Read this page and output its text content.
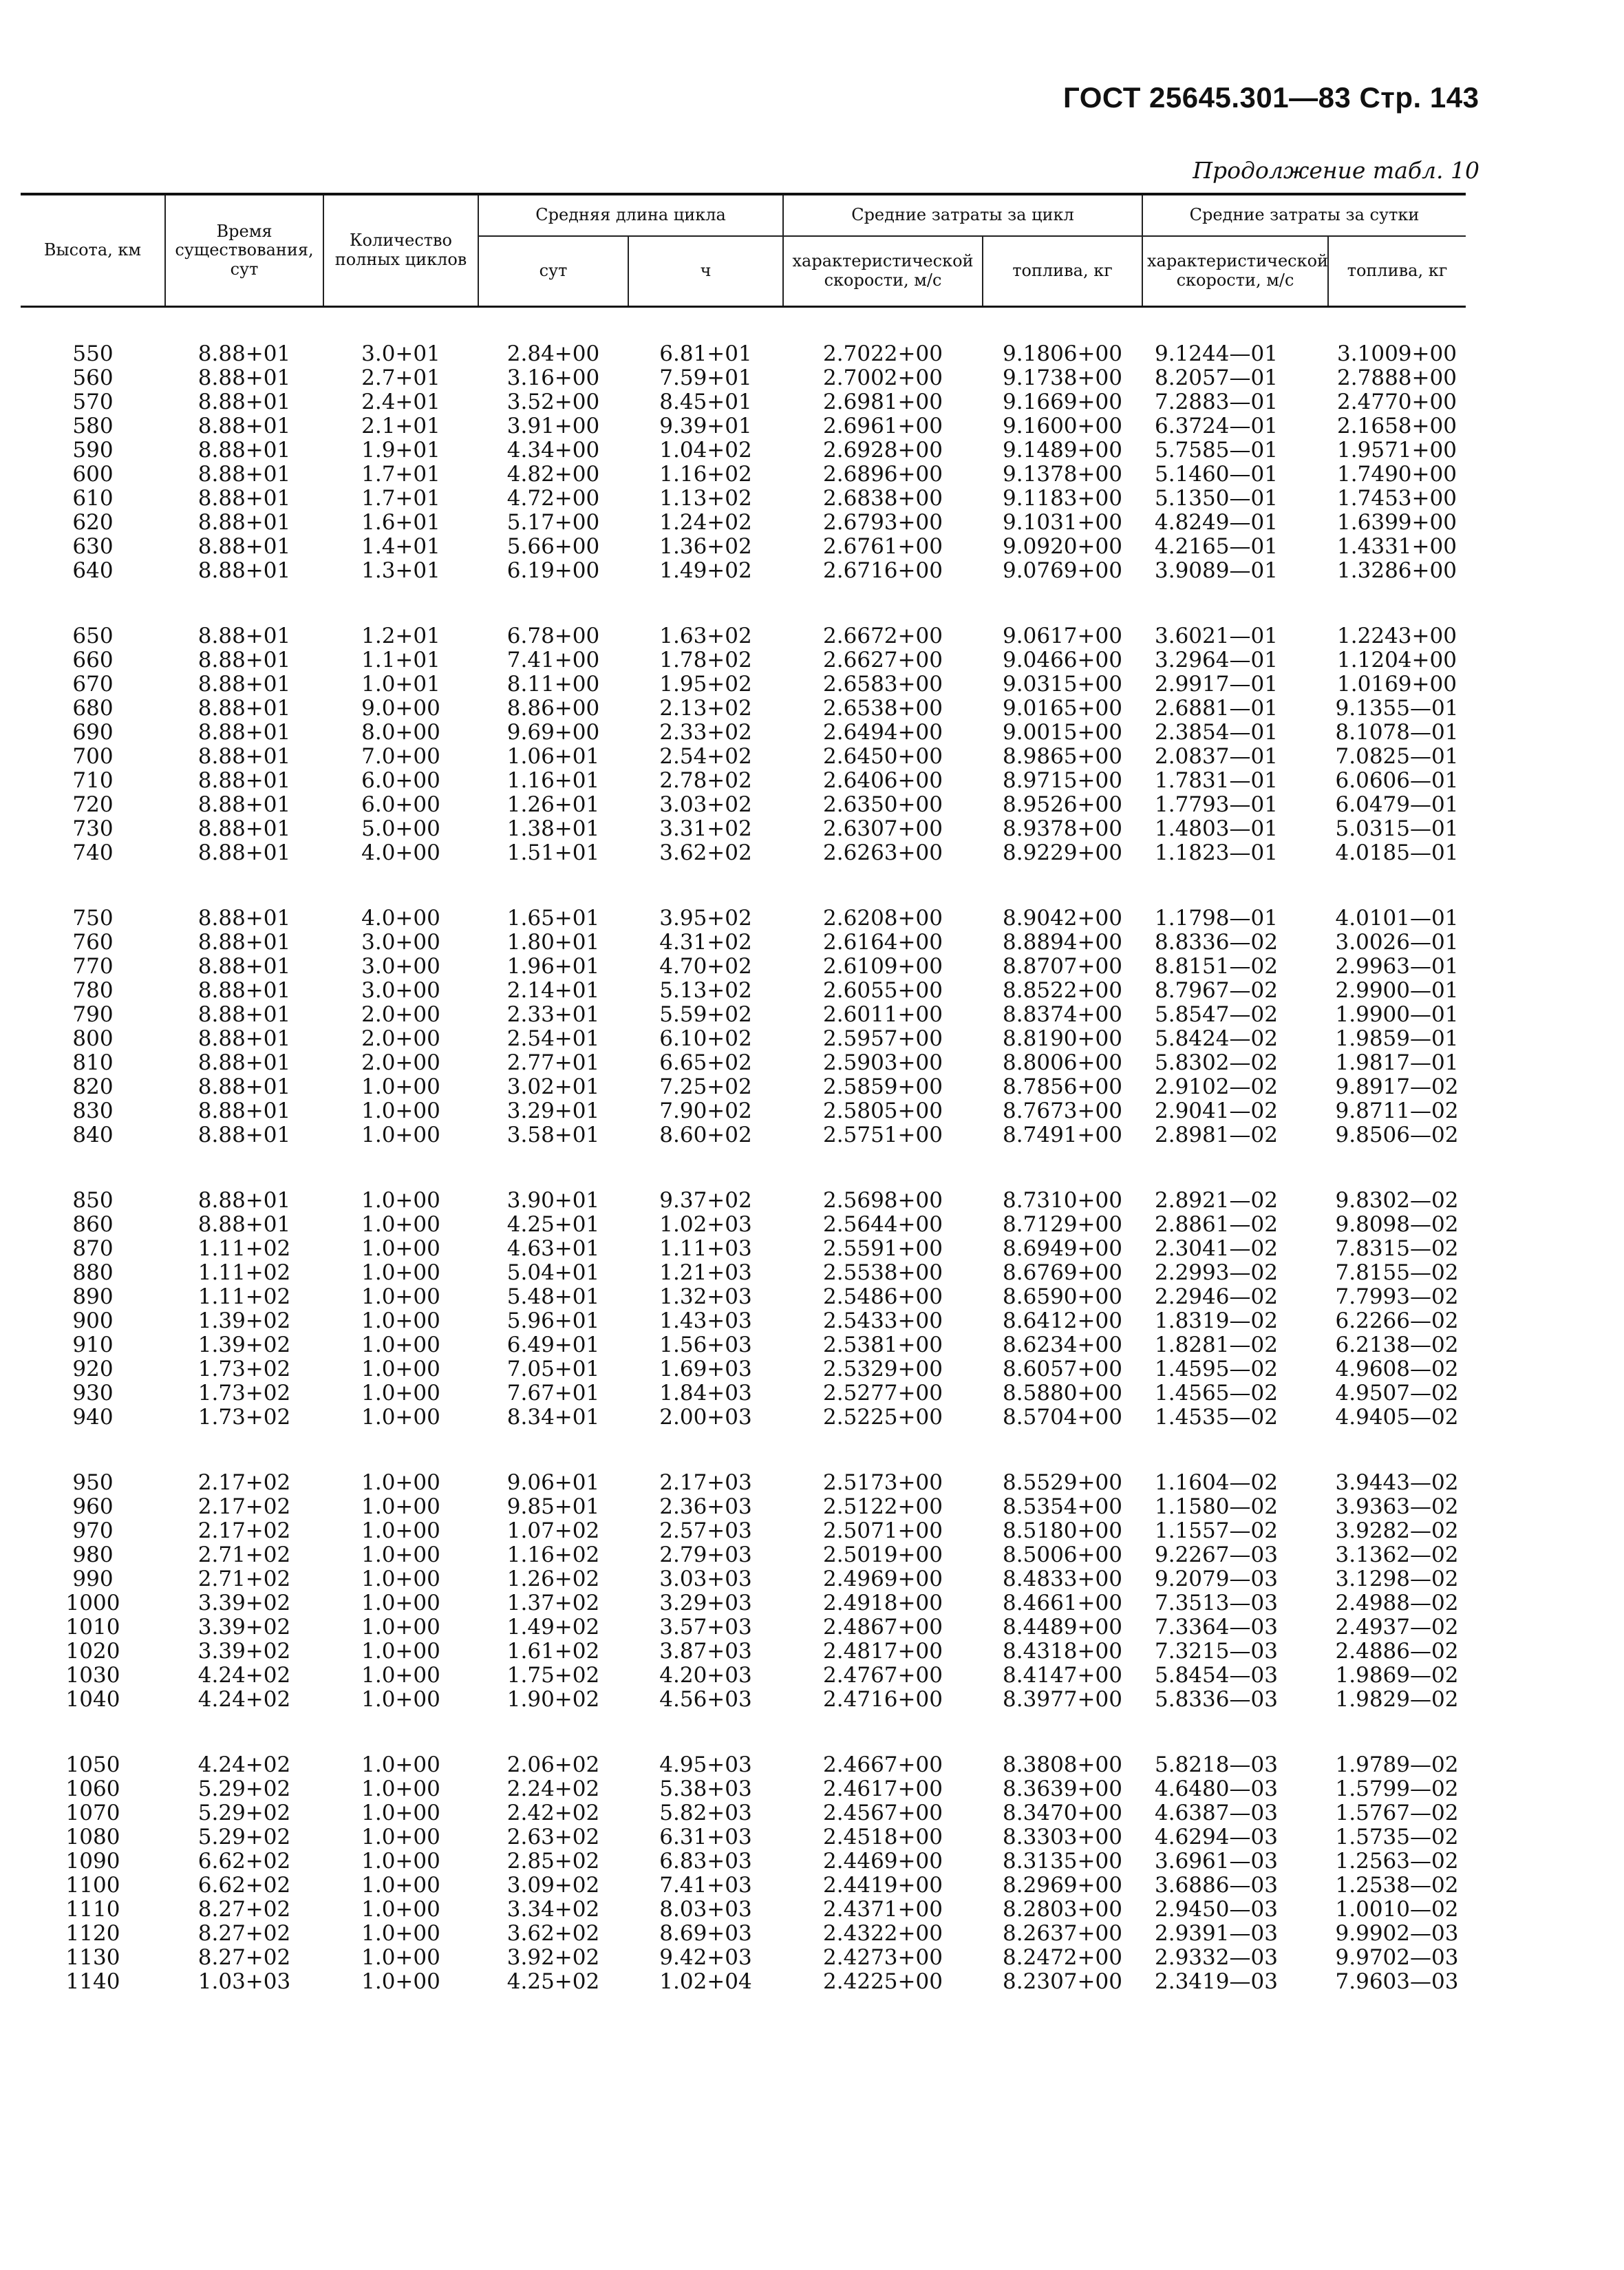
ГОСТ 25645.301—83 Стр. 143
Продолжение табл. 10
Высота, км	Время существования, сут	Количество полных циклов	Средняя длина цикла		Средние затраты за цикл		Средние затраты за сутки	
			сут	ч	характеристической скорости, м/с	топлива, кг	характеристической скорости, м/с	топлива, кг

550	8.88+01	3.0+01	2.84+00	6.81+01	2.7022+00	9.1806+00	9.1244—01	3.1009+00
560	8.88+01	2.7+01	3.16+00	7.59+01	2.7002+00	9.1738+00	8.2057—01	2.7888+00
570	8.88+01	2.4+01	3.52+00	8.45+01	2.6981+00	9.1669+00	7.2883—01	2.4770+00
580	8.88+01	2.1+01	3.91+00	9.39+01	2.6961+00	9.1600+00	6.3724—01	2.1658+00
590	8.88+01	1.9+01	4.34+00	1.04+02	2.6928+00	9.1489+00	5.7585—01	1.9571+00
600	8.88+01	1.7+01	4.82+00	1.16+02	2.6896+00	9.1378+00	5.1460—01	1.7490+00
610	8.88+01	1.7+01	4.72+00	1.13+02	2.6838+00	9.1183+00	5.1350—01	1.7453+00
620	8.88+01	1.6+01	5.17+00	1.24+02	2.6793+00	9.1031+00	4.8249—01	1.6399+00
630	8.88+01	1.4+01	5.66+00	1.36+02	2.6761+00	9.0920+00	4.2165—01	1.4331+00
640	8.88+01	1.3+01	6.19+00	1.49+02	2.6716+00	9.0769+00	3.9089—01	1.3286+00

650	8.88+01	1.2+01	6.78+00	1.63+02	2.6672+00	9.0617+00	3.6021—01	1.2243+00
660	8.88+01	1.1+01	7.41+00	1.78+02	2.6627+00	9.0466+00	3.2964—01	1.1204+00
670	8.88+01	1.0+01	8.11+00	1.95+02	2.6583+00	9.0315+00	2.9917—01	1.0169+00
680	8.88+01	9.0+00	8.86+00	2.13+02	2.6538+00	9.0165+00	2.6881—01	9.1355—01
690	8.88+01	8.0+00	9.69+00	2.33+02	2.6494+00	9.0015+00	2.3854—01	8.1078—01
700	8.88+01	7.0+00	1.06+01	2.54+02	2.6450+00	8.9865+00	2.0837—01	7.0825—01
710	8.88+01	6.0+00	1.16+01	2.78+02	2.6406+00	8.9715+00	1.7831—01	6.0606—01
720	8.88+01	6.0+00	1.26+01	3.03+02	2.6350+00	8.9526+00	1.7793—01	6.0479—01
730	8.88+01	5.0+00	1.38+01	3.31+02	2.6307+00	8.9378+00	1.4803—01	5.0315—01
740	8.88+01	4.0+00	1.51+01	3.62+02	2.6263+00	8.9229+00	1.1823—01	4.0185—01

750	8.88+01	4.0+00	1.65+01	3.95+02	2.6208+00	8.9042+00	1.1798—01	4.0101—01
760	8.88+01	3.0+00	1.80+01	4.31+02	2.6164+00	8.8894+00	8.8336—02	3.0026—01
770	8.88+01	3.0+00	1.96+01	4.70+02	2.6109+00	8.8707+00	8.8151—02	2.9963—01
780	8.88+01	3.0+00	2.14+01	5.13+02	2.6055+00	8.8522+00	8.7967—02	2.9900—01
790	8.88+01	2.0+00	2.33+01	5.59+02	2.6011+00	8.8374+00	5.8547—02	1.9900—01
800	8.88+01	2.0+00	2.54+01	6.10+02	2.5957+00	8.8190+00	5.8424—02	1.9859—01
810	8.88+01	2.0+00	2.77+01	6.65+02	2.5903+00	8.8006+00	5.8302—02	1.9817—01
820	8.88+01	1.0+00	3.02+01	7.25+02	2.5859+00	8.7856+00	2.9102—02	9.8917—02
830	8.88+01	1.0+00	3.29+01	7.90+02	2.5805+00	8.7673+00	2.9041—02	9.8711—02
840	8.88+01	1.0+00	3.58+01	8.60+02	2.5751+00	8.7491+00	2.8981—02	9.8506—02

850	8.88+01	1.0+00	3.90+01	9.37+02	2.5698+00	8.7310+00	2.8921—02	9.8302—02
860	8.88+01	1.0+00	4.25+01	1.02+03	2.5644+00	8.7129+00	2.8861—02	9.8098—02
870	1.11+02	1.0+00	4.63+01	1.11+03	2.5591+00	8.6949+00	2.3041—02	7.8315—02
880	1.11+02	1.0+00	5.04+01	1.21+03	2.5538+00	8.6769+00	2.2993—02	7.8155—02
890	1.11+02	1.0+00	5.48+01	1.32+03	2.5486+00	8.6590+00	2.2946—02	7.7993—02
900	1.39+02	1.0+00	5.96+01	1.43+03	2.5433+00	8.6412+00	1.8319—02	6.2266—02
910	1.39+02	1.0+00	6.49+01	1.56+03	2.5381+00	8.6234+00	1.8281—02	6.2138—02
920	1.73+02	1.0+00	7.05+01	1.69+03	2.5329+00	8.6057+00	1.4595—02	4.9608—02
930	1.73+02	1.0+00	7.67+01	1.84+03	2.5277+00	8.5880+00	1.4565—02	4.9507—02
940	1.73+02	1.0+00	8.34+01	2.00+03	2.5225+00	8.5704+00	1.4535—02	4.9405—02

950	2.17+02	1.0+00	9.06+01	2.17+03	2.5173+00	8.5529+00	1.1604—02	3.9443—02
960	2.17+02	1.0+00	9.85+01	2.36+03	2.5122+00	8.5354+00	1.1580—02	3.9363—02
970	2.17+02	1.0+00	1.07+02	2.57+03	2.5071+00	8.5180+00	1.1557—02	3.9282—02
980	2.71+02	1.0+00	1.16+02	2.79+03	2.5019+00	8.5006+00	9.2267—03	3.1362—02
990	2.71+02	1.0+00	1.26+02	3.03+03	2.4969+00	8.4833+00	9.2079—03	3.1298—02
1000	3.39+02	1.0+00	1.37+02	3.29+03	2.4918+00	8.4661+00	7.3513—03	2.4988—02
1010	3.39+02	1.0+00	1.49+02	3.57+03	2.4867+00	8.4489+00	7.3364—03	2.4937—02
1020	3.39+02	1.0+00	1.61+02	3.87+03	2.4817+00	8.4318+00	7.3215—03	2.4886—02
1030	4.24+02	1.0+00	1.75+02	4.20+03	2.4767+00	8.4147+00	5.8454—03	1.9869—02
1040	4.24+02	1.0+00	1.90+02	4.56+03	2.4716+00	8.3977+00	5.8336—03	1.9829—02

1050	4.24+02	1.0+00	2.06+02	4.95+03	2.4667+00	8.3808+00	5.8218—03	1.9789—02
1060	5.29+02	1.0+00	2.24+02	5.38+03	2.4617+00	8.3639+00	4.6480—03	1.5799—02
1070	5.29+02	1.0+00	2.42+02	5.82+03	2.4567+00	8.3470+00	4.6387—03	1.5767—02
1080	5.29+02	1.0+00	2.63+02	6.31+03	2.4518+00	8.3303+00	4.6294—03	1.5735—02
1090	6.62+02	1.0+00	2.85+02	6.83+03	2.4469+00	8.3135+00	3.6961—03	1.2563—02
1100	6.62+02	1.0+00	3.09+02	7.41+03	2.4419+00	8.2969+00	3.6886—03	1.2538—02
1110	8.27+02	1.0+00	3.34+02	8.03+03	2.4371+00	8.2803+00	2.9450—03	1.0010—02
1120	8.27+02	1.0+00	3.62+02	8.69+03	2.4322+00	8.2637+00	2.9391—03	9.9902—03
1130	8.27+02	1.0+00	3.92+02	9.42+03	2.4273+00	8.2472+00	2.9332—03	9.9702—03
1140	1.03+03	1.0+00	4.25+02	1.02+04	2.4225+00	8.2307+00	2.3419—03	7.9603—03
